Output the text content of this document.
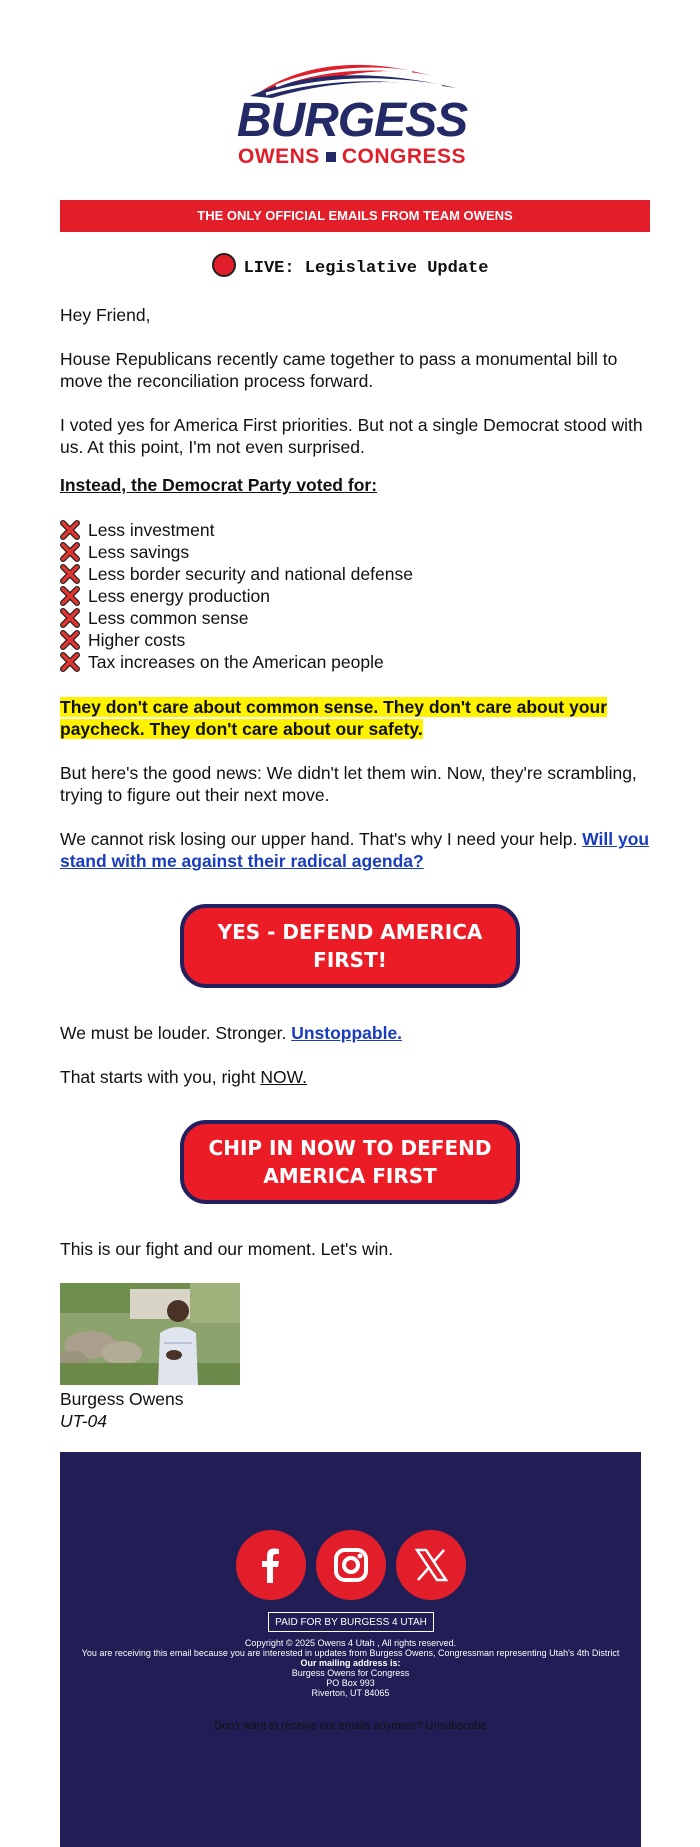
BURGESS
OWENS CONGRESS
THE ONLY OFFICIAL EMAILS FROM TEAM OWENS
LIVE: Legislative Update
Hey Friend,
House Republicans recently came together to pass a monumental bill to move the reconciliation process forward.
I voted yes for America First priorities. But not a single Democrat stood with us. At this point, I'm not even surprised.
Instead, the Democrat Party voted for:
Less investment
Less savings
Less border security and national defense
Less energy production
Less common sense
Higher costs
Tax increases on the American people
They don't care about common sense. They don't care about your paycheck. They don't care about our safety.
But here's the good news: We didn't let them win. Now, they're scrambling, trying to figure out their next move.
We cannot risk losing our upper hand. That's why I need your help. Will you stand with me against their radical agenda?
YES - DEFEND AMERICA FIRST!
We must be louder. Stronger. Unstoppable.
That starts with you, right NOW.
CHIP IN NOW TO DEFEND AMERICA FIRST
This is our fight and our moment. Let's win.
Burgess Owens
UT-04
PAID FOR BY BURGESS 4 UTAH
Copyright © 2025 Owens 4 Utah , All rights reserved.
You are receiving this email because you are interested in updates from Burgess Owens, Congressman representing Utah's 4th District
Our mailing address is:
Burgess Owens for Congress
PO Box 993
Riverton, UT 84065
Don't want to receive our emails anymore? Unsubscribe
